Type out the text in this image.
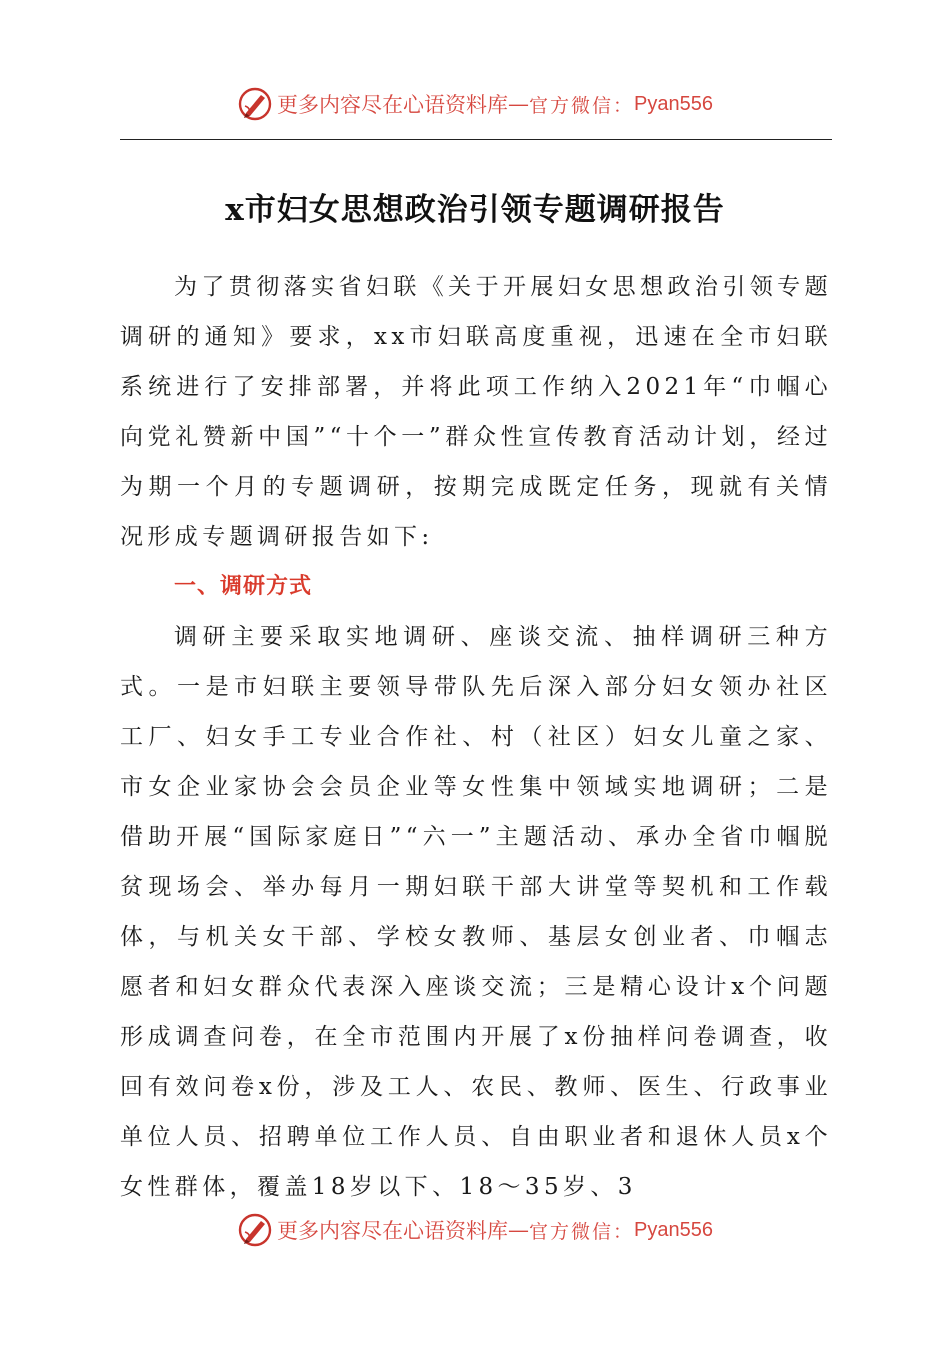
更多内容尽在心语资料库 — 官方微信： Pyan556
x市妇女思想政治引领专题调研报告

为了贯彻落实省妇联《关于开展妇女思想政治引领专题调研的通知》要求，xx市妇联高度重视，迅速在全市妇联系统进行了安排部署，并将此项工作纳入2021年“巾帼心向党礼赞新中国”“十个一”群众性宣传教育活动计划，经过为期一个月的专题调研，按期完成既定任务，现就有关情况形成专题调研报告如下:

一、调研方式

调研主要采取实地调研、座谈交流、抽样调研三种方式。一是市妇联主要领导带队先后深入部分妇女领办社区工厂、妇女手工专业合作社、村（社区）妇女儿童之家、市女企业家协会会员企业等女性集中领域实地调研；二是借助开展“国际家庭日”“六一”主题活动、承办全省巾帼脱贫现场会、举办每月一期妇联干部大讲堂等契机和工作载体，与机关女干部、学校女教师、基层女创业者、巾帼志愿者和妇女群众代表深入座谈交流；三是精心设计x个问题形成调查问卷，在全市范围内开展了x份抽样问卷调查，收回有效问卷x份，涉及工人、农民、教师、医生、行政事业单位人员、招聘单位工作人员、自由职业者和退休人员x个女性群体，覆盖18岁以下、18～35岁、3

更多内容尽在心语资料库 — 官方微信： Pyan556
